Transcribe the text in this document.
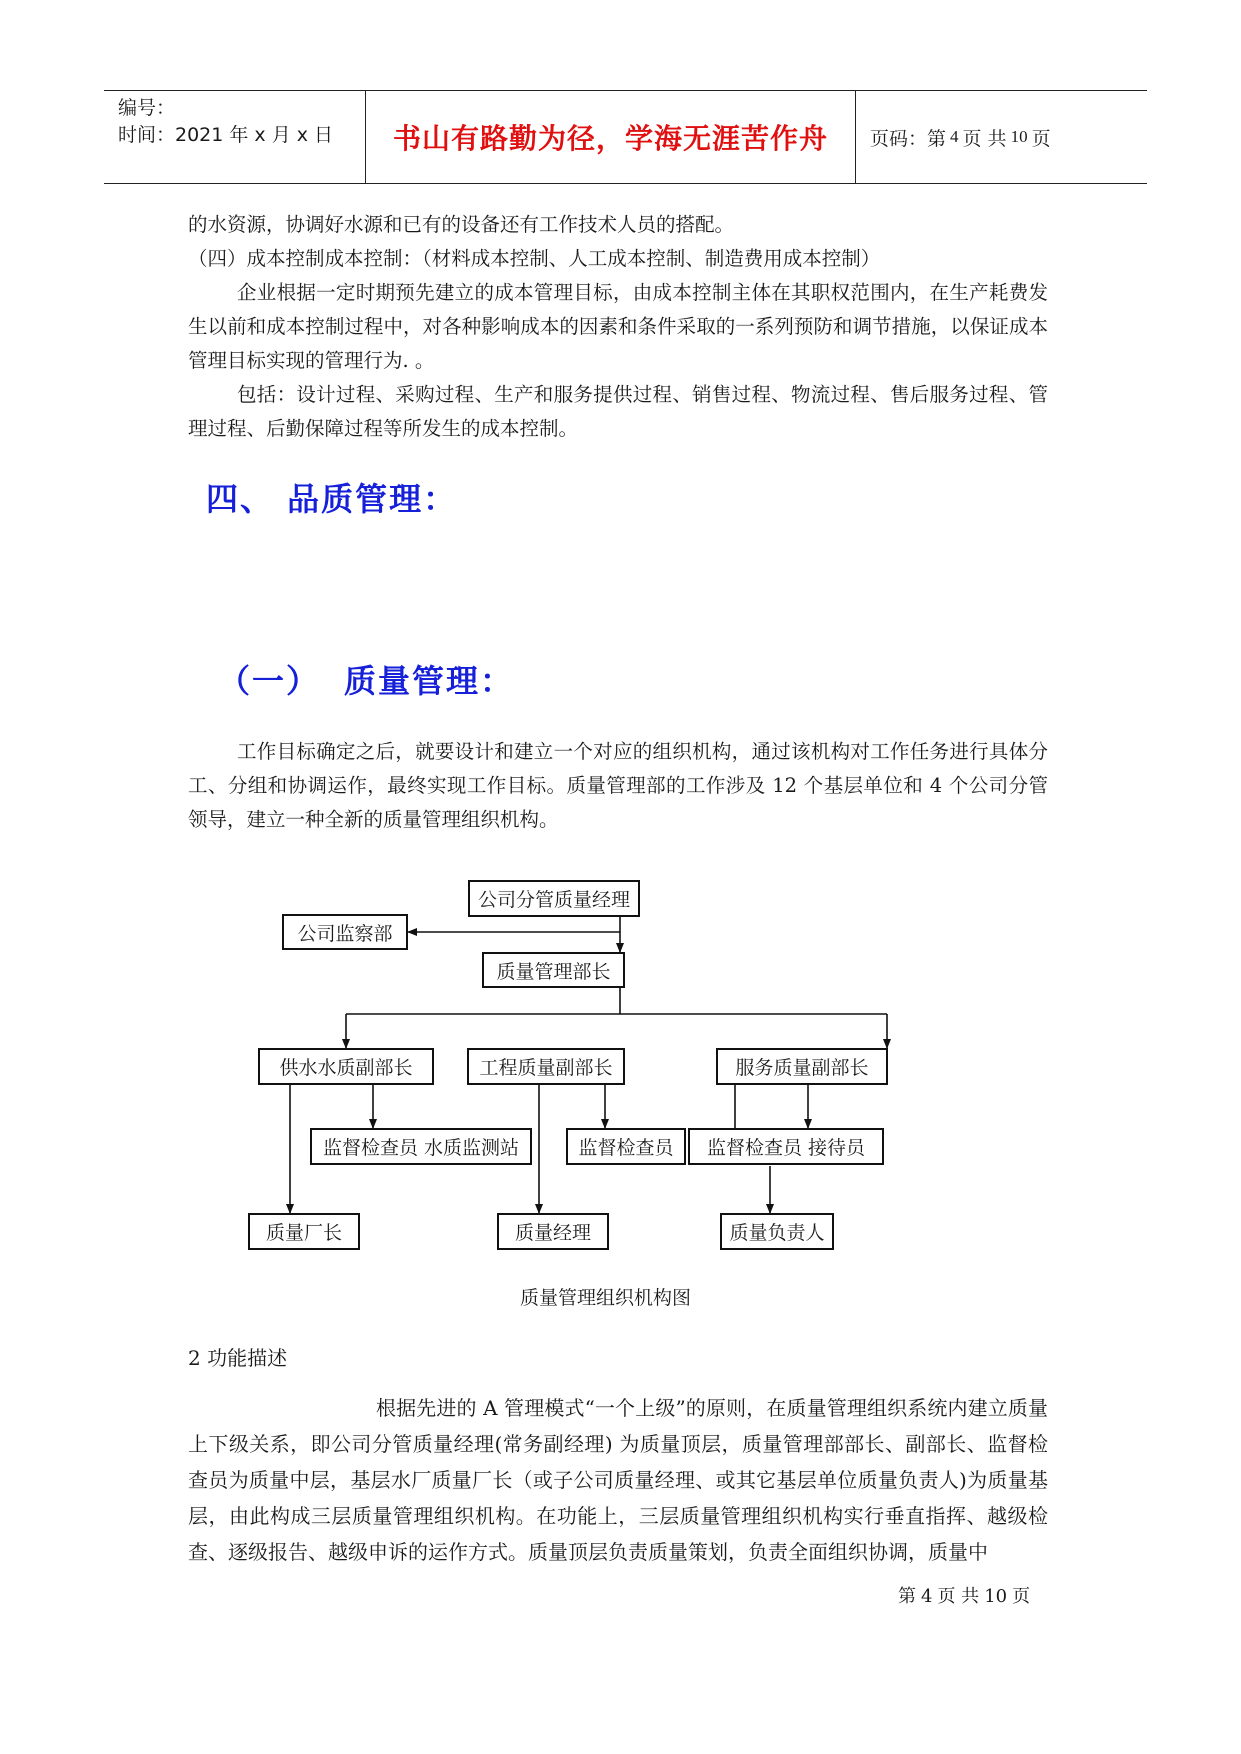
编号：
时间：2021 年 x 月 x 日	书山有路勤为径，学海无涯苦作舟	页码：第 4 页 共 10 页
的水资源，协调好水源和已有的设备还有工作技术人员的搭配。
（四）成本控制成本控制：（材料成本控制、人工成本控制、制造费用成本控制）

企业根据一定时期预先建立的成本管理目标，由成本控制主体在其职权范围内，在生产耗费发生以前和成本控制过程中，对各种影响成本的因素和条件采取的一系列预防和调节措施，以保证成本管理目标实现的管理行为. 。

包括：设计过程、采购过程、生产和服务提供过程、销售过程、物流过程、售后服务过程、管理过程、后勤保障过程等所发生的成本控制。

四、 品质管理：
（一） 质量管理：

工作目标确定之后，就要设计和建立一个对应的组织机构，通过该机构对工作任务进行具体分工、分组和协调运作，最终实现工作目标。质量管理部的工作涉及 12 个基层单位和 4 个公司分管领导，建立一种全新的质量管理组织机构。

公司分管质量经理
公司监察部
质量管理部长
供水水质副部长	工程质量副部长	服务质量副部长
监督检查员 水质监测站	监督检查员	监督检查员 接待员
质量厂长	质量经理	质量负责人
质量管理组织机构图
2 功能描述

根据先进的 A 管理模式“一个上级”的原则，在质量管理组织系统内建立质量上下级关系，即公司分管质量经理(常务副经理) 为质量顶层，质量管理部部长、副部长、监督检查员为质量中层，基层水厂质量厂长（或子公司质量经理、或其它基层单位质量负责人)为质量基层，由此构成三层质量管理组织机构。在功能上，三层质量管理组织机构实行垂直指挥、越级检查、逐级报告、越级申诉的运作方式。质量顶层负责质量策划，负责全面组织协调，质量中

第 4 页 共 10 页
